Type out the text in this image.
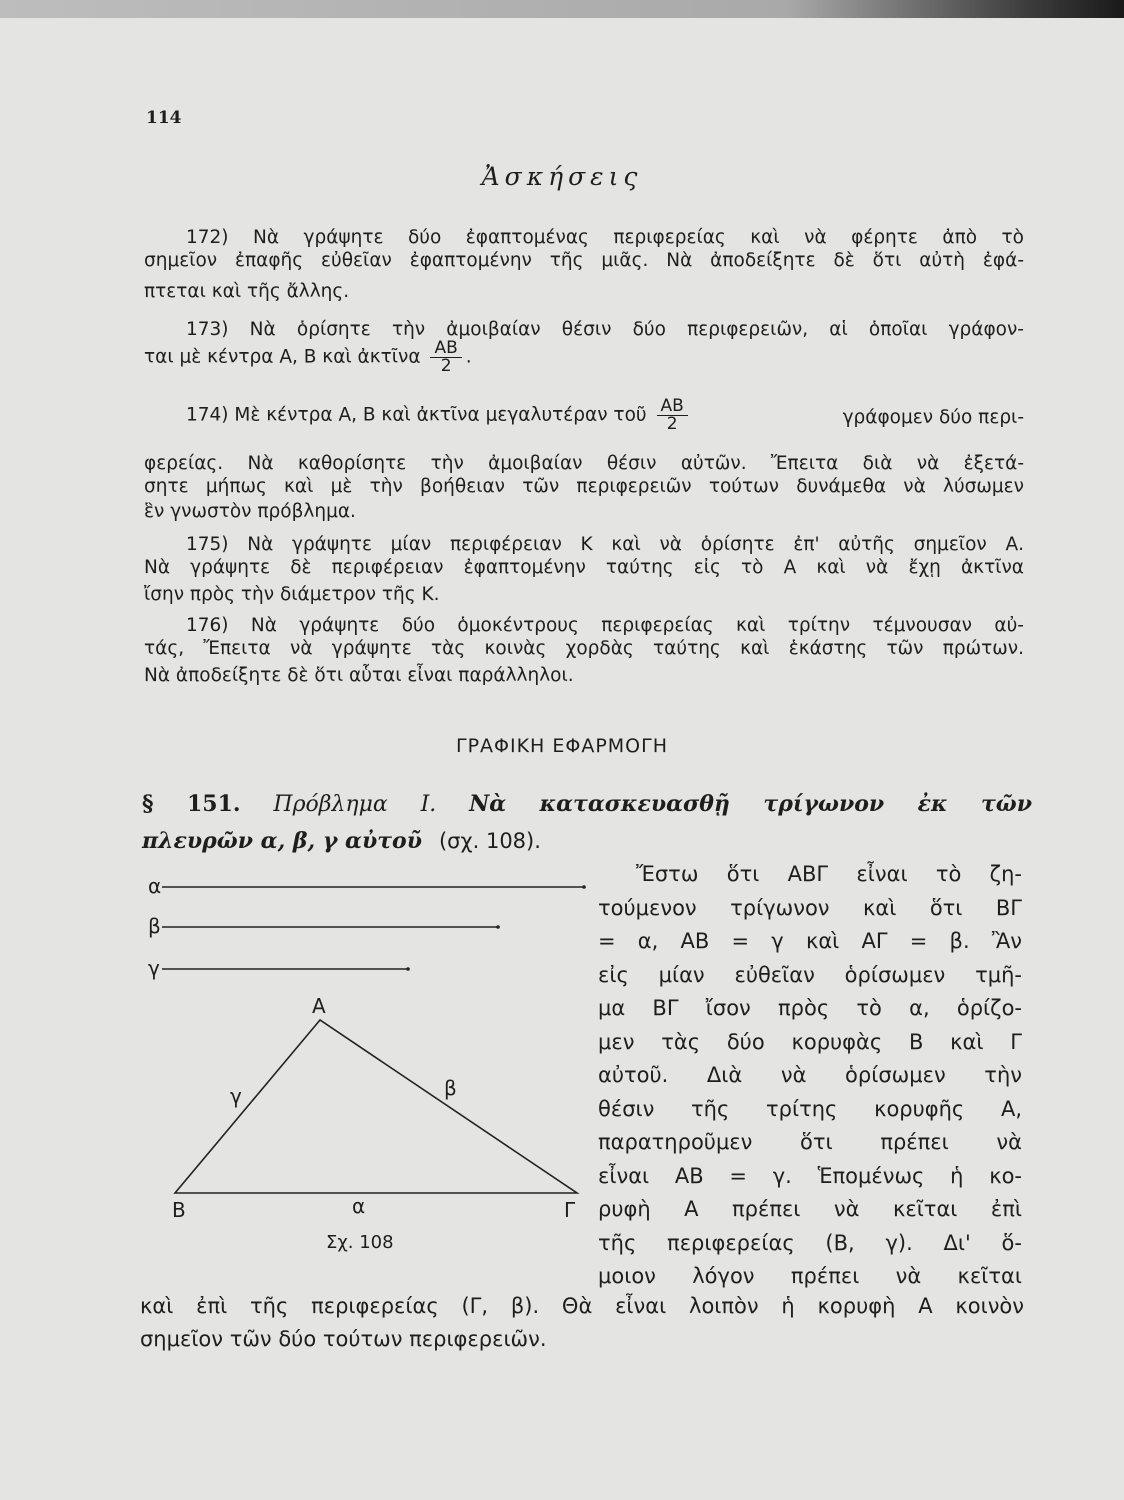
114
Ἀσκήσεις
172) Νὰ γράψητε δύο ἐφαπτομένας περιφερείας καὶ νὰ φέρητε ἀπὸ τὸ
σημεῖον ἐπαφῆς εὐθεῖαν ἐφαπτομένην τῆς μιᾶς. Νὰ ἀποδείξητε δὲ ὅτι αὐτὴ ἐφά-
πτεται καὶ τῆς ἄλλης.
173) Νὰ ὁρίσητε τὴν ἀμοιβαίαν θέσιν δύο περιφερειῶν, αἱ ὁποῖαι γράφον-
ται μὲ κέντρα Α, Β καὶ ἀκτῖνα $\frac{AB}{2}$ .
174) Μὲ κέντρα Α, Β καὶ ἀκτῖνα μεγαλυτέραν τοῦ $\frac{AB}{2}$	γράφομεν δύο περι-
φερείας. Νὰ καθορίσητε τὴν ἀμοιβαίαν θέσιν αὐτῶν. Ἔπειτα διὰ νὰ ἐξετά-
σητε μήπως καὶ μὲ τὴν βοήθειαν τῶν περιφερειῶν τούτων δυνάμεθα νὰ λύσωμεν
ἓν γνωστὸν πρόβλημα.
175) Νὰ γράψητε μίαν περιφέρειαν Κ καὶ νὰ ὁρίσητε ἐπ' αὐτῆς σημεῖον Α.
Νὰ γράψητε δὲ περιφέρειαν ἐφαπτομένην ταύτης εἰς τὸ Α καὶ νὰ ἔχῃ ἀκτῖνα
ἴσην πρὸς τὴν διάμετρον τῆς Κ.
176) Νὰ γράψητε δύο ὁμοκέντρους περιφερείας καὶ τρίτην τέμνουσαν αὐ-
τάς, Ἔπειτα νὰ γράψητε τὰς κοινὰς χορδὰς ταύτης καὶ ἑκάστης τῶν πρώτων.
Νὰ ἀποδείξητε δὲ ὅτι αὗται εἶναι παράλληλοι.
ΓΡΑΦΙΚΗ ΕΦΑΡΜΟΓΗ
§ 151. Πρόβλημα Ι. Νὰ κατασκευασθῇ τρίγωνον ἐκ τῶν
πλευρῶν α, β, γ αὐτοῦ (σχ. 108).
α
β
γ
Α
Β	Γ
γ	β
α
Σχ. 108
Ἔστω ὅτι ΑΒΓ εἶναι τὸ ζη-
τούμενον τρίγωνον καὶ ὅτι ΒΓ
= α, ΑΒ = γ καὶ ΑΓ = β. Ἂν
εἰς μίαν εὐθεῖαν ὁρίσωμεν τμῆ-
μα ΒΓ ἴσον πρὸς τὸ α, ὁρίζο-
μεν τὰς δύο κορυφὰς Β καὶ Γ
αὐτοῦ. Διὰ νὰ ὁρίσωμεν τὴν
θέσιν τῆς τρίτης κορυφῆς Α,
παρατηροῦμεν ὅτι πρέπει νὰ
εἶναι ΑΒ = γ. Ἑπομένως ἡ κο-
ρυφὴ Α πρέπει νὰ κεῖται ἐπὶ
τῆς περιφερείας (Β, γ). Δι' ὅ-
μοιον λόγον πρέπει νὰ κεῖται
καὶ ἐπὶ τῆς περιφερείας (Γ, β). Θὰ εἶναι λοιπὸν ἡ κορυφὴ Α κοινὸν
σημεῖον τῶν δύο τούτων περιφερειῶν.
